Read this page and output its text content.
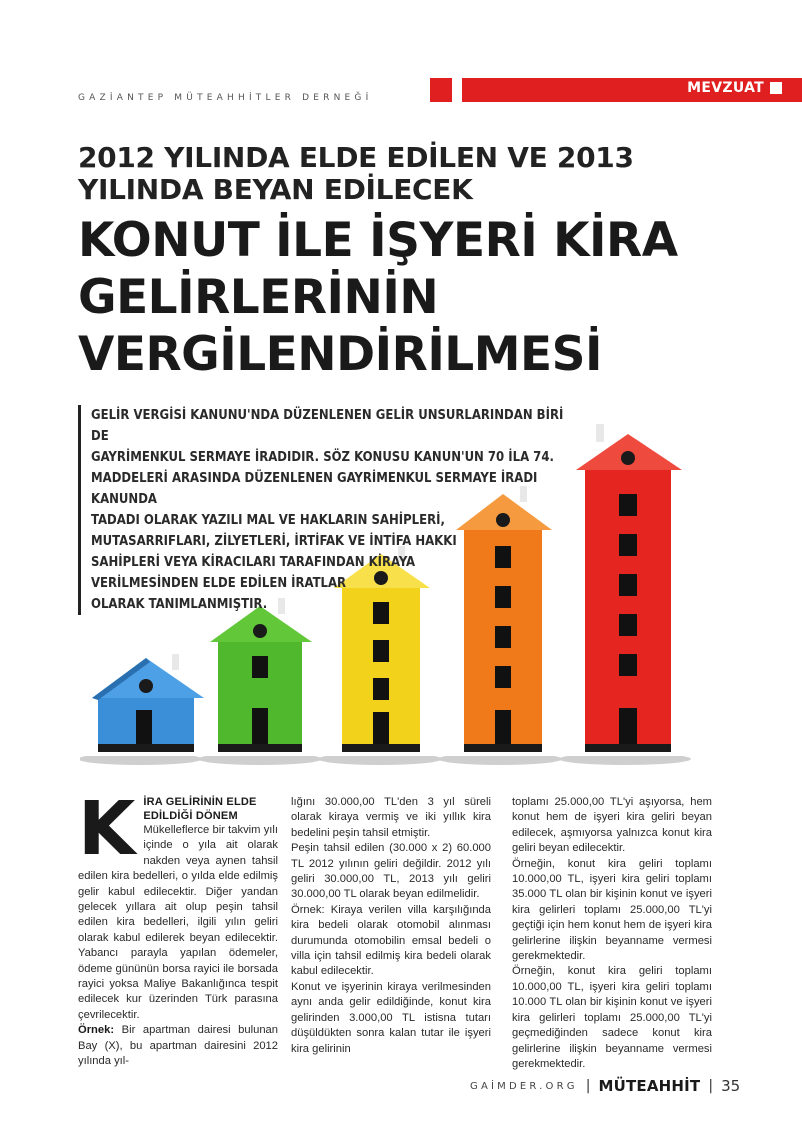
GAZİANTEP MÜTEAHHİTLER DERNEĞİ
MEVZUAT
2012 YILINDA ELDE EDİLEN VE 2013
YILINDA BEYAN EDİLECEK
KONUT İLE İŞYERİ KİRA
GELİRLERİNİN
VERGİLENDİRİLMESİ

GELİR VERGİSİ KANUNU'NDA DÜZENLENEN GELİR UNSURLARINDAN BİRİ DE

GAYRİMENKUL SERMAYE İRADIDIR. SÖZ KONUSU KANUN'UN 70 İLA 74.

MADDELERİ ARASINDA DÜZENLENEN GAYRİMENKUL SERMAYE İRADI KANUNDA

TADADI OLARAK YAZILI MAL VE HAKLARIN SAHİPLERİ,

MUTASARRIFLARI, ZİLYETLERİ, İRTİFAK VE İNTİFA HAKKI

SAHİPLERİ VEYA KİRACILARI TARAFINDAN KİRAYA

VERİLMESİNDEN ELDE EDİLEN İRATLAR

OLARAK TANIMLANMIŞTIR.

K İRA GELİRİNİN ELDE
EDİLDİĞİ DÖNEM

Mükelleflerce bir takvim yılı içinde o yıla ait olarak nakden veya aynen tahsil edilen kira bedelleri, o yılda elde edilmiş gelir kabul edilecektir. Diğer yandan gelecek yıllara ait olup peşin tahsil edilen kira bedelleri, ilgili yılın geliri olarak kabul edilerek beyan edilecektir. Yabancı parayla yapılan ödemeler, ödeme gününün borsa rayici ile borsada rayici yoksa Maliye Bakanlığınca tespit edilecek kur üzerinden Türk parasına çevrilecektir.

Örnek: Bir apartman dairesi bulunan Bay (X), bu apartman dairesini 2012 yılında yıl-

lığını 30.000,00 TL'den 3 yıl süreli olarak kiraya vermiş ve iki yıllık kira bedelini peşin tahsil etmiştir.

Peşin tahsil edilen (30.000 x 2) 60.000 TL 2012 yılının geliri değildir. 2012 yılı geliri 30.000,00 TL, 2013 yılı geliri 30.000,00 TL olarak beyan edilmelidir.

Örnek: Kiraya verilen villa karşılığında kira bedeli olarak otomobil alınması durumunda otomobilin emsal bedeli o villa için tahsil edilmiş kira bedeli olarak kabul edilecektir.

Konut ve işyerinin kiraya verilmesinden aynı anda gelir edildiğinde, konut kira gelirinden 3.000,00 TL istisna tutarı düşüldükten sonra kalan tutar ile işyeri kira gelirinin

toplamı 25.000,00 TL'yi aşıyorsa, hem konut hem de işyeri kira geliri beyan edilecek, aşmıyorsa yalnızca konut kira geliri beyan edilecektir.

Örneğin, konut kira geliri toplamı 10.000,00 TL, işyeri kira geliri toplamı 35.000 TL olan bir kişinin konut ve işyeri kira gelirleri toplamı 25.000,00 TL'yi geçtiği için hem konut hem de işyeri kira gelirlerine ilişkin beyanname vermesi gerekmektedir.

Örneğin, konut kira geliri toplamı 10.000,00 TL, işyeri kira geliri toplamı 10.000 TL olan bir kişinin konut ve işyeri kira gelirleri toplamı 25.000,00 TL'yi geçmediğinden sadece konut kira gelirlerine ilişkin beyanname vermesi gerekmektedir.

GAİMDER.ORG | MÜTEAHHİT | 35
